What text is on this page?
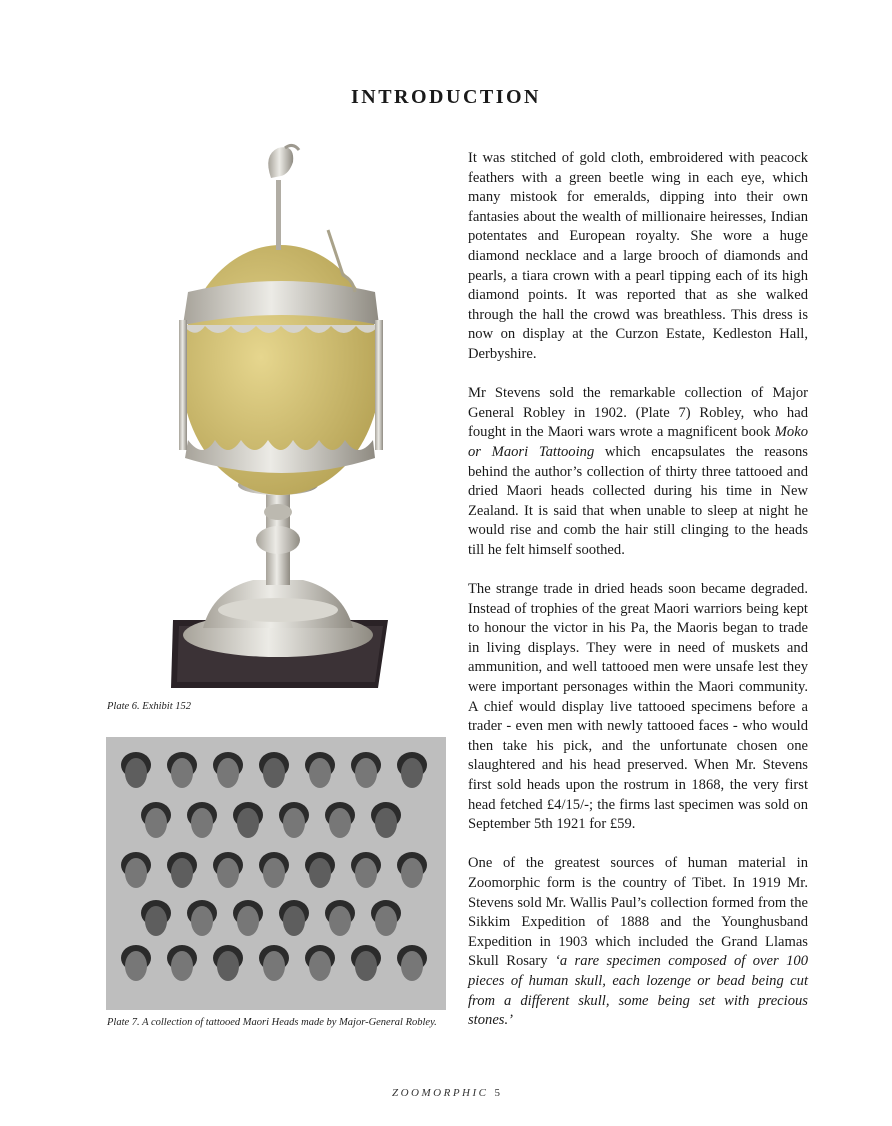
INTRODUCTION
Plate 6. Exhibit 152
Plate 7. A collection of tattooed Maori Heads made by Major-General Robley.

It was stitched of gold cloth, embroidered with peacock feathers with a green beetle wing in each eye, which many mistook for emeralds, dipping into their own fantasies about the wealth of millionaire heiresses, Indian potentates and European royalty. She wore a huge diamond necklace and a large brooch of diamonds and pearls, a tiara crown with a pearl tipping each of its high diamond points. It was reported that as she walked through the hall the crowd was breathless. This dress is now on display at the Curzon Estate, Kedleston Hall, Derbyshire.

Mr Stevens sold the remarkable collection of Major General Robley in 1902. (Plate 7) Robley, who had fought in the Maori wars wrote a magnificent book Moko or Maori Tattooing which encapsulates the reasons behind the author’s collection of thirty three tattooed and dried Maori heads collected during his time in New Zealand. It is said that when unable to sleep at night he would rise and comb the hair still clinging to the heads till he felt himself soothed.

The strange trade in dried heads soon became degraded. Instead of trophies of the great Maori warriors being kept to honour the victor in his Pa, the Maoris began to trade in living displays. They were in need of muskets and ammunition, and well tattooed men were unsafe lest they were important personages within the Maori community. A chief would display live tattooed specimens before a trader - even men with newly tattooed faces - who would then take his pick, and the unfortunate chosen one slaughtered and his head preserved. When Mr. Stevens first sold heads upon the rostrum in 1868, the very first head fetched £4/15/-; the firms last specimen was sold on September 5th 1921 for £59.

One of the greatest sources of human material in Zoomorphic form is the country of Tibet. In 1919 Mr. Stevens sold Mr. Wallis Paul’s collection formed from the Sikkim Expedition of 1888 and the Younghusband Expedition in 1903 which included the Grand Llamas Skull Rosary ‘a rare specimen composed of over 100 pieces of human skull, each lozenge or bead being cut from a different skull, some being set with precious stones.’

ZOOMORPHIC 5
